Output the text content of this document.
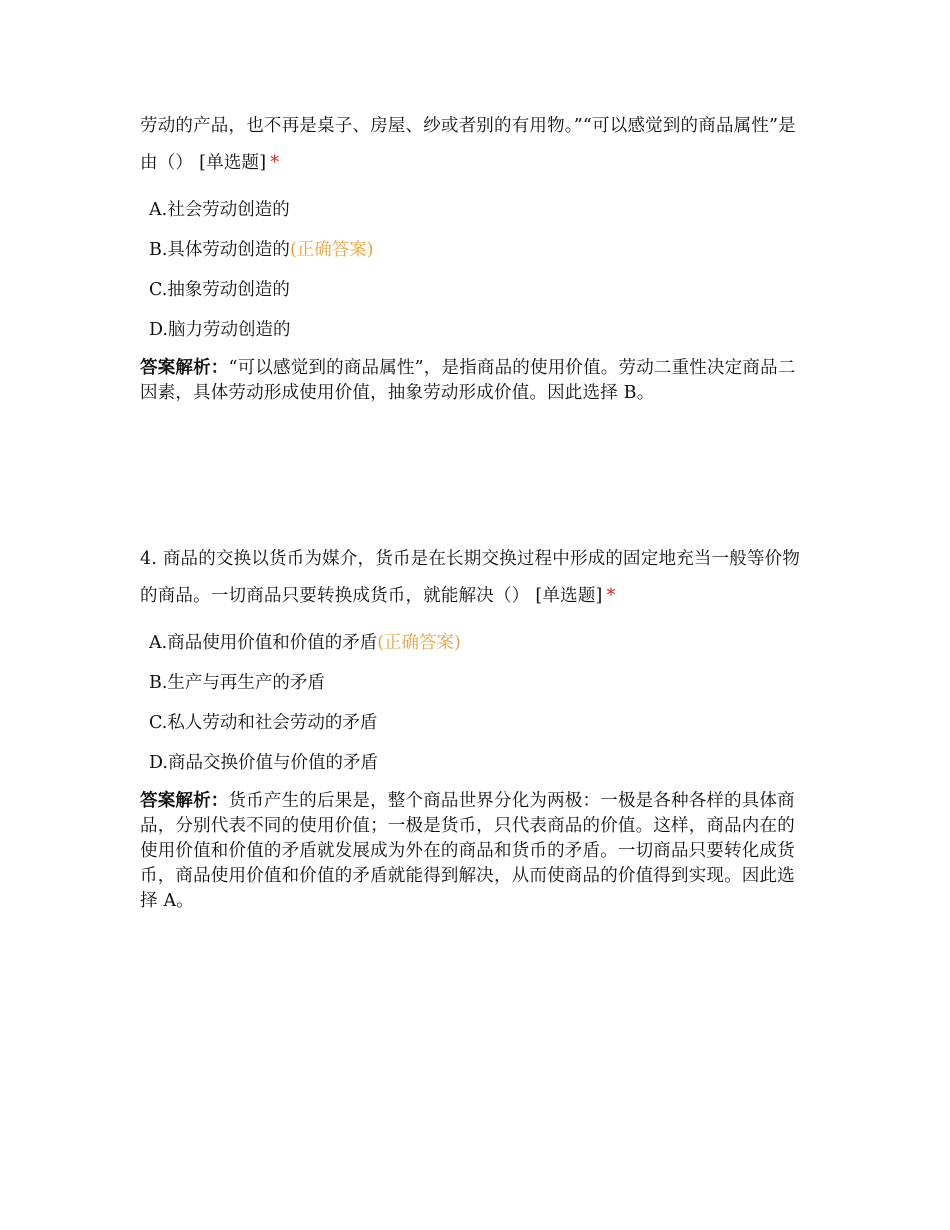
劳动的产品，也不再是桌子、房屋、纱或者别的有用物。”“可以感觉到的商品属性”是由（） [单选题] *

A.社会劳动创造的
B.具体劳动创造的(正确答案)
C.抽象劳动创造的
D.脑力劳动创造的

答案解析：“可以感觉到的商品属性”，是指商品的使用价值。劳动二重性决定商品二因素，具体劳动形成使用价值，抽象劳动形成价值。因此选择 B。

4. 商品的交换以货币为媒介，货币是在长期交换过程中形成的固定地充当一般等价物的商品。一切商品只要转换成货币，就能解决（） [单选题] *

A.商品使用价值和价值的矛盾(正确答案)
B.生产与再生产的矛盾
C.私人劳动和社会劳动的矛盾
D.商品交换价值与价值的矛盾

答案解析：货币产生的后果是，整个商品世界分化为两极：一极是各种各样的具体商品，分别代表不同的使用价值；一极是货币，只代表商品的价值。这样，商品内在的使用价值和价值的矛盾就发展成为外在的商品和货币的矛盾。一切商品只要转化成货币，商品使用价值和价值的矛盾就能得到解决，从而使商品的价值得到实现。因此选择 A。
